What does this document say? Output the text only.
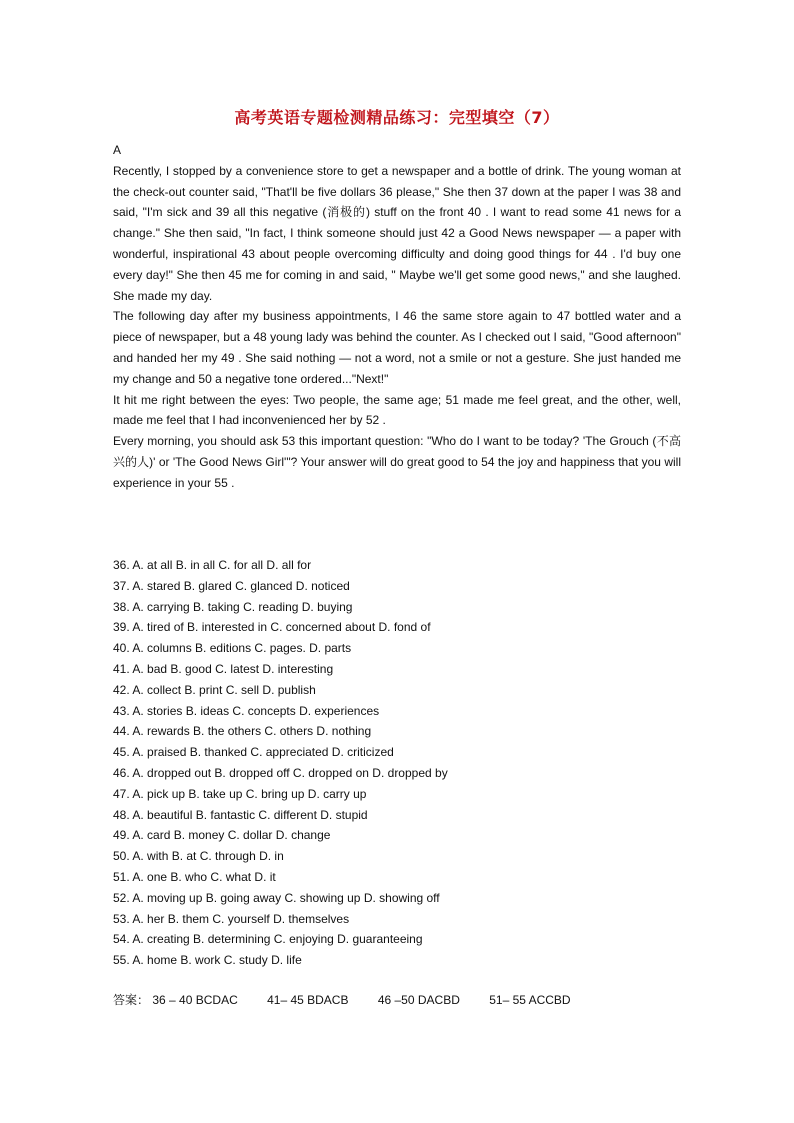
高考英语专题检测精品练习：完型填空（7）
A

Recently, I stopped by a convenience store to get a newspaper and a bottle of drink. The young woman at the check-out counter said, "That'll be five dollars 36 please," She then 37 down at the paper I was 38 and said, "I'm sick and 39 all this negative (消极的) stuff on the front 40 . I want to read some 41 news for a change." She then said, "In fact, I think someone should just 42 a Good News newspaper — a paper with wonderful, inspirational 43 about people overcoming difficulty and doing good things for 44 . I'd buy one every day!" She then 45 me for coming in and said, " Maybe we'll get some good news," and she laughed. She made my day.

The following day after my business appointments, I 46 the same store again to 47 bottled water and a piece of newspaper, but a 48 young lady was behind the counter. As I checked out I said, "Good afternoon" and handed her my 49 . She said nothing — not a word, not a smile or not a gesture. She just handed me my change and 50 a negative tone ordered..."Next!"

It hit me right between the eyes: Two people, the same age; 51 made me feel great, and the other, well, made me feel that I had inconvenienced her by 52 .

Every morning, you should ask 53 this important question: "Who do I want to be today? 'The Grouch (不高兴的人)' or 'The Good News Girl'"? Your answer will do great good to 54 the joy and happiness that you will experience in your 55 .

36. A. at all B. in all C. for all D. all for
37. A. stared B. glared C. glanced D. noticed
38. A. carrying B. taking C. reading D. buying
39. A. tired of B. interested in C. concerned about D. fond of
40. A. columns B. editions C. pages. D. parts
41. A. bad B. good C. latest D. interesting
42. A. collect B. print C. sell D. publish
43. A. stories B. ideas C. concepts D. experiences
44. A. rewards B. the others C. others D. nothing
45. A. praised B. thanked C. appreciated D. criticized
46. A. dropped out B. dropped off C. dropped on D. dropped by
47. A. pick up B. take up C. bring up D. carry up
48. A. beautiful B. fantastic C. different D. stupid
49. A. card B. money C. dollar D. change
50. A. with B. at C. through D. in
51. A. one B. who C. what D. it
52. A. moving up B. going away C. showing up D. showing off
53. A. her B. them C. yourself D. themselves
54. A. creating B. determining C. enjoying D. guaranteeing
55. A. home B. work C. study D. life
答案： 36 – 40 BCDAC 41– 45 BDACB 46 –50 DACBD 51– 55 ACCBD
